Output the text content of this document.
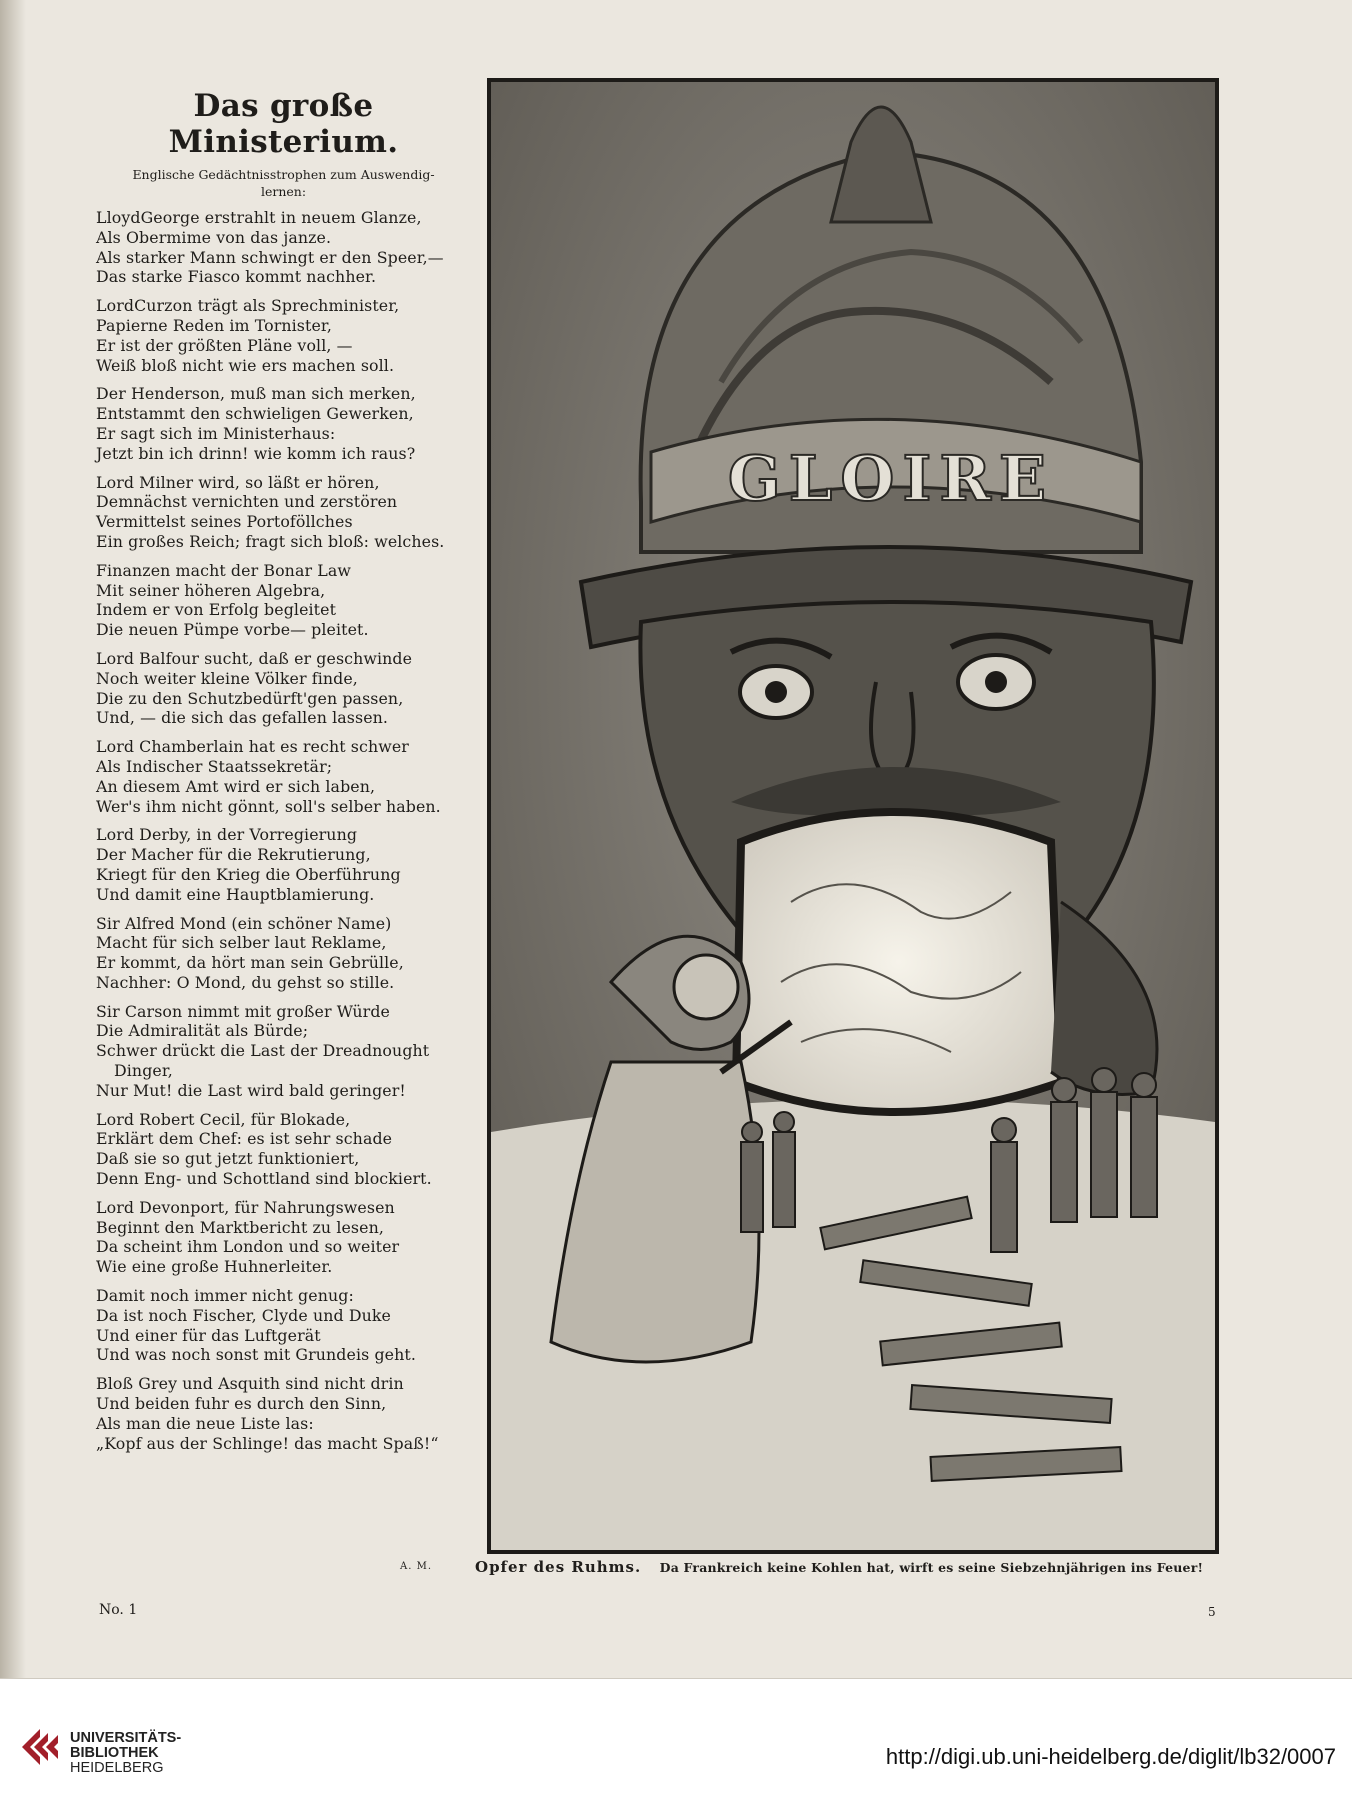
Das große Ministerium.
Englische Gedächtnisstrophen zum Auswendig-
lernen:
LloydGeorge erstrahlt in neuem Glanze,
Als Obermime von das janze.
Als starker Mann schwingt er den Speer,—
Das starke Fiasco kommt nachher.
LordCurzon trägt als Sprechminister,
Papierne Reden im Tornister,
Er ist der größten Pläne voll, —
Weiß bloß nicht wie ers machen soll.
Der Henderson, muß man sich merken,
Entstammt den schwieligen Gewerken,
Er sagt sich im Ministerhaus:
Jetzt bin ich drinn! wie komm ich raus?
Lord Milner wird, so läßt er hören,
Demnächst vernichten und zerstören
Vermittelst seines Portoföllches
Ein großes Reich; fragt sich bloß: welches.
Finanzen macht der Bonar Law
Mit seiner höheren Algebra,
Indem er von Erfolg begleitet
Die neuen Pümpe vorbe— pleitet.
Lord Balfour sucht, daß er geschwinde
Noch weiter kleine Völker finde,
Die zu den Schutzbedürft'gen passen,
Und, — die sich das gefallen lassen.
Lord Chamberlain hat es recht schwer
Als Indischer Staatssekretär;
An diesem Amt wird er sich laben,
Wer's ihm nicht gönnt, soll's selber haben.
Lord Derby, in der Vorregierung
Der Macher für die Rekrutierung,
Kriegt für den Krieg die Oberführung
Und damit eine Hauptblamierung.
Sir Alfred Mond (ein schöner Name)
Macht für sich selber laut Reklame,
Er kommt, da hört man sein Gebrülle,
Nachher: O Mond, du gehst so stille.
Sir Carson nimmt mit großer Würde
Die Admiralität als Bürde;
Schwer drückt die Last der Dreadnought
Dinger,
Nur Mut! die Last wird bald geringer!
Lord Robert Cecil, für Blokade,
Erklärt dem Chef: es ist sehr schade
Daß sie so gut jetzt funktioniert,
Denn Eng- und Schottland sind blockiert.
Lord Devonport, für Nahrungswesen
Beginnt den Marktbericht zu lesen,
Da scheint ihm London und so weiter
Wie eine große Huhnerleiter.
Damit noch immer nicht genug:
Da ist noch Fischer, Clyde und Duke
Und einer für das Luftgerät
Und was noch sonst mit Grundeis geht.
Bloß Grey und Asquith sind nicht drin
Und beiden fuhr es durch den Sinn,
Als man die neue Liste las:
„Kopf aus der Schlinge! das macht Spaß!“
A. M.
GLOIRE
Opfer des Ruhms. Da Frankreich keine Kohlen hat, wirft es seine Siebzehnjährigen ins Feuer!
No. 1	5
UNIVERSITÄTS-
BIBLIOTHEK
HEIDELBERG	http://digi.ub.uni-heidelberg.de/diglit/lb32/0007
